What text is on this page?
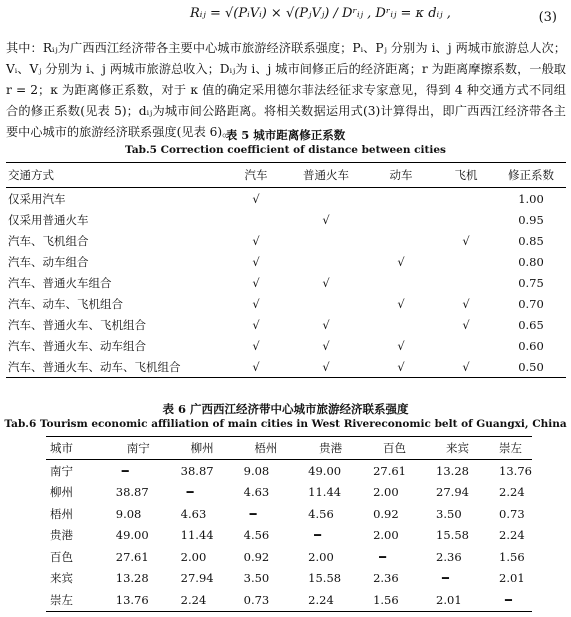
Rᵢⱼ = √(PᵢVᵢ) × √(PⱼVⱼ) / Dʳᵢⱼ , Dʳᵢⱼ = κ dᵢⱼ ,	(3)
其中：Rᵢⱼ为广西西江经济带各主要中心城市旅游经济联系强度；Pᵢ、Pⱼ 分别为 i、j 两城市旅游总人次；Vᵢ、Vⱼ 分别为 i、j 两城市旅游总收入；Dᵢⱼ为 i、j 城市间修正后的经济距离；r 为距离摩擦系数，一般取 r = 2；κ 为距离修正系数，对于 κ 值的确定采用德尔菲法经征求专家意见，得到 4 种交通方式不同组合的修正系数(见表 5)；dᵢⱼ为城市间公路距离。将相关数据运用式(3)计算得出，即广西西江经济带各主要中心城市的旅游经济联系强度(见表 6)。
表 5 城市距离修正系数
Tab.5 Correction coefficient of distance between cities
交通方式	汽车	普通火车	动车	飞机	修正系数
仅采用汽车	√				1.00
仅采用普通火车		√			0.95
汽车、飞机组合	√			√	0.85
汽车、动车组合	√		√		0.80
汽车、普通火车组合	√	√			0.75
汽车、动车、飞机组合	√		√	√	0.70
汽车、普通火车、飞机组合	√	√		√	0.65
汽车、普通火车、动车组合	√	√	√		0.60
汽车、普通火车、动车、飞机组合	√	√	√	√	0.50
表 6 广西西江经济带中心城市旅游经济联系强度
Tab.6 Tourism economic affiliation of main cities in West Rivereconomic belt of Guangxi, China
城市	南宁	柳州	梧州	贵港	百色	来宾	崇左
南宁	━	38.87	9.08	49.00	27.61	13.28	13.76
柳州	38.87	━	4.63	11.44	2.00	27.94	2.24
梧州	9.08	4.63	━	4.56	0.92	3.50	0.73
贵港	49.00	11.44	4.56	━	2.00	15.58	2.24
百色	27.61	2.00	0.92	2.00	━	2.36	1.56
来宾	13.28	27.94	3.50	15.58	2.36	━	2.01
崇左	13.76	2.24	0.73	2.24	1.56	2.01	━
